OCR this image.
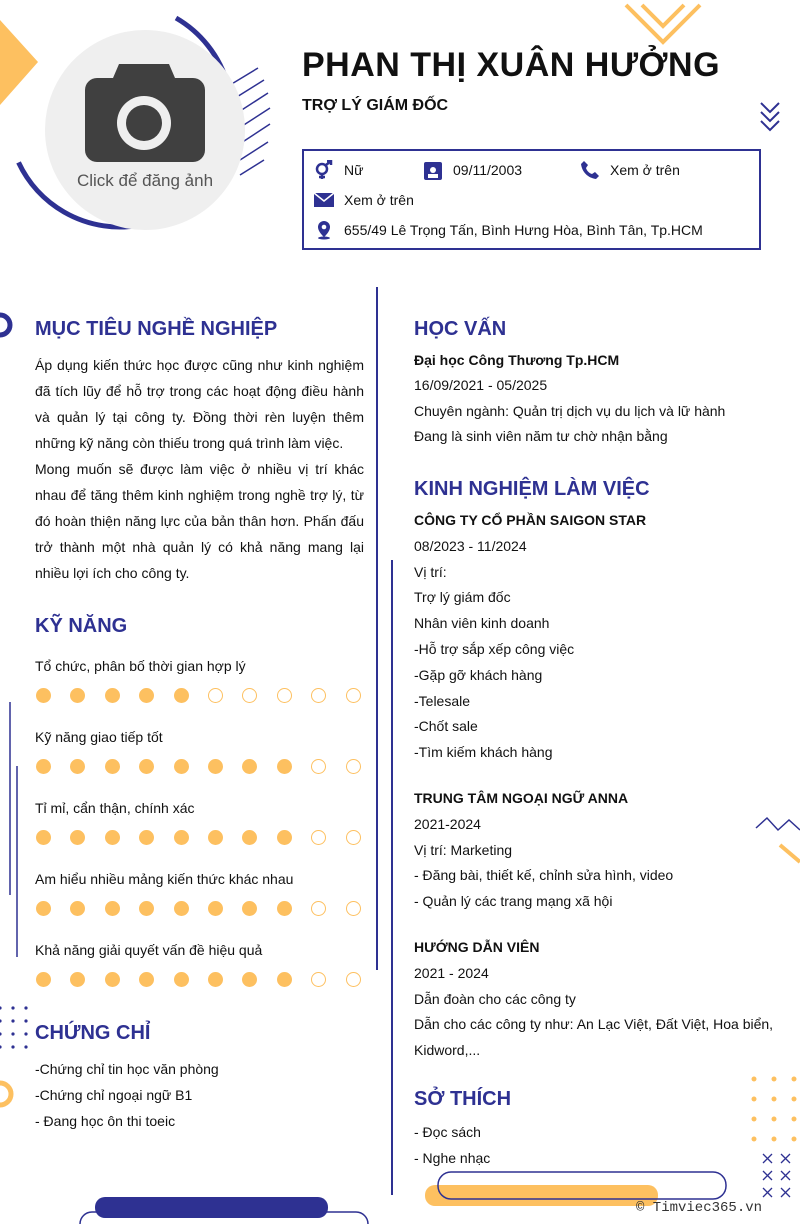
Click để đăng ảnh
PHAN THỊ XUÂN HƯỞNG
TRỢ LÝ GIÁM ĐỐC
Nữ	09/11/2003	Xem ở trên
Xem ở trên
655/49 Lê Trọng Tấn, Bình Hưng Hòa, Bình Tân, Tp.HCM
MỤC TIÊU NGHỀ NGHIỆP

Áp dụng kiến thức học được cũng như kinh nghiệm đã tích lũy để hỗ trợ trong các hoạt động điều hành và quản lý tại công ty. Đồng thời rèn luyện thêm những kỹ năng còn thiếu trong quá trình làm việc.

Mong muốn sẽ được làm việc ở nhiều vị trí khác nhau để tăng thêm kinh nghiệm trong nghề trợ lý, từ đó hoàn thiện năng lực của bản thân hơn. Phấn đấu trở thành một nhà quản lý có khả năng mang lại nhiều lợi ích cho công ty.

KỸ NĂNG
Tổ chức, phân bố thời gian hợp lý
Kỹ năng giao tiếp tốt
Tỉ mỉ, cẩn thận, chính xác
Am hiểu nhiều mảng kiến thức khác nhau
Khả năng giải quyết vấn đề hiệu quả
CHỨNG CHỈ
-Chứng chỉ tin học văn phòng
-Chứng chỉ ngoại ngữ B1
- Đang học ôn thi toeic
HỌC VẤN
Đại học Công Thương Tp.HCM
16/09/2021 - 05/2025
Chuyên ngành: Quản trị dịch vụ du lịch và lữ hành
Đang là sinh viên năm tư chờ nhận bằng
KINH NGHIỆM LÀM VIỆC
CÔNG TY CỔ PHẦN SAIGON STAR
08/2023 - 11/2024
Vị trí:
Trợ lý giám đốc
Nhân viên kinh doanh
-Hỗ trợ sắp xếp công việc
-Gặp gỡ khách hàng
-Telesale
-Chốt sale
-Tìm kiếm khách hàng
TRUNG TÂM NGOẠI NGỮ ANNA
2021-2024
Vị trí: Marketing
- Đăng bài, thiết kế, chỉnh sửa hình, video
- Quản lý các trang mạng xã hội
HƯỚNG DẪN VIÊN
2021 - 2024
Dẫn đoàn cho các công ty
Dẫn cho các công ty như: An Lạc Việt, Đất Việt, Hoa biển, Kidword,...
SỞ THÍCH
- Đọc sách
- Nghe nhạc
© Timviec365.vn
